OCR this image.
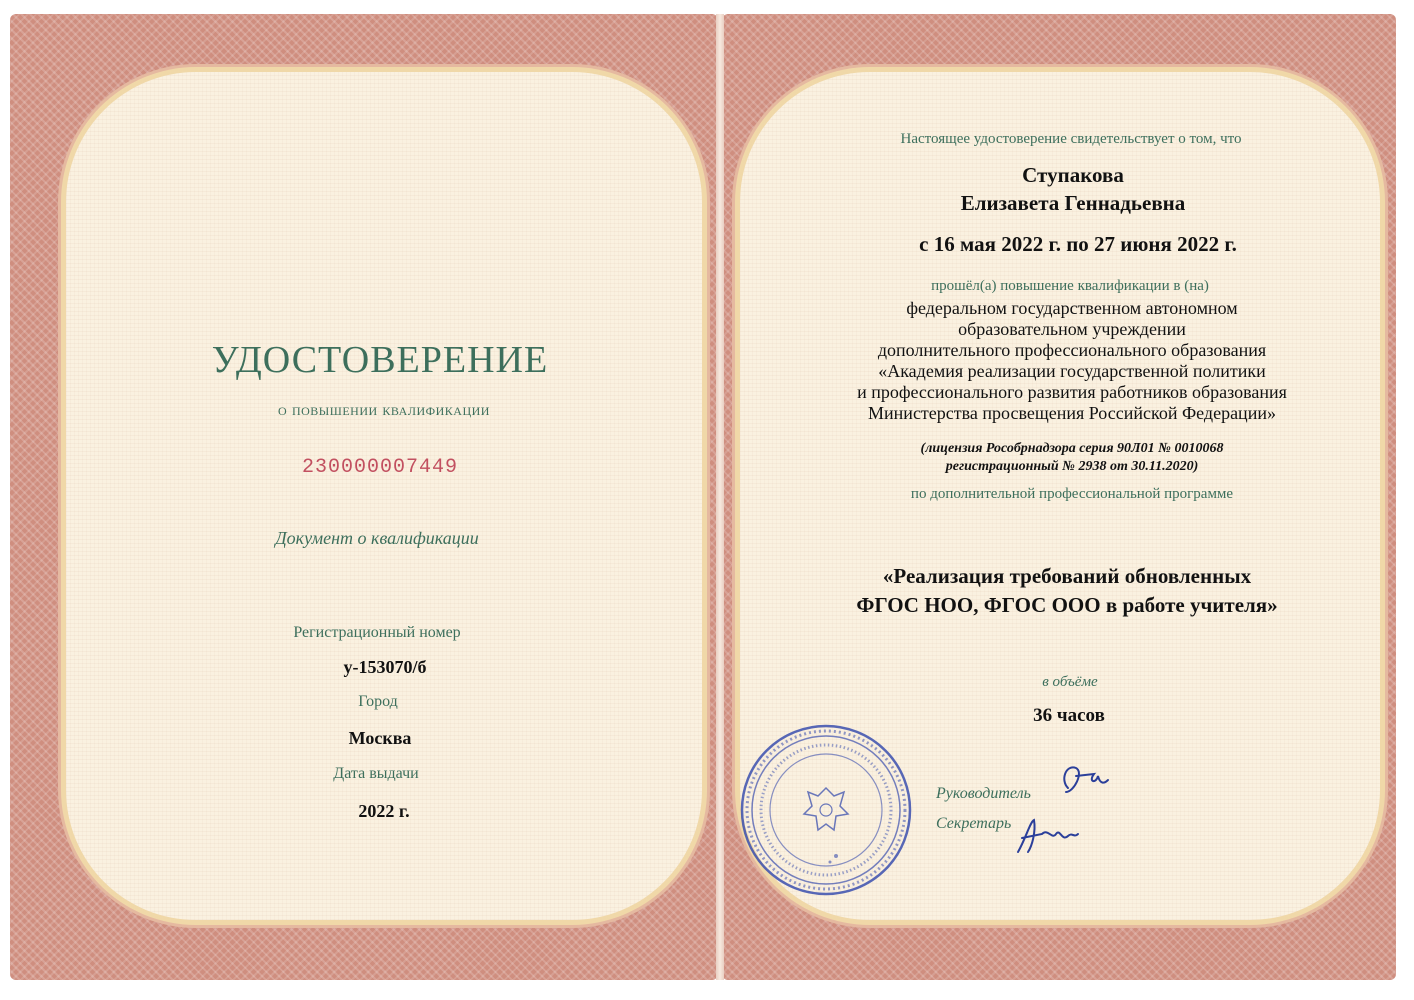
УДОСТОВЕРЕНИЕ
о повышении квалификации
230000007449
Документ о квалификации
Регистрационный номер
у-153070/б
Город
Москва
Дата выдачи
2022 г.
Настоящее удостоверение свидетельствует о том, что
Ступакова
Елизавета Геннадьевна
с 16 мая 2022 г. по 27 июня 2022 г.
прошёл(а) повышение квалификации в (на)
федеральном государственном автономном
образовательном учреждении
дополнительного профессионального образования
«Академия реализации государственной политики
и профессионального развития работников образования
Министерства просвещения Российской Федерации»
(лицензия Рособрнадзора серия 90Л01 № 0010068
регистрационный № 2938 от 30.11.2020)
по дополнительной профессиональной программе
«Реализация требований обновленных
ФГОС НОО, ФГОС ООО в работе учителя»
в объёме
36 часов
Руководитель
Секретарь
